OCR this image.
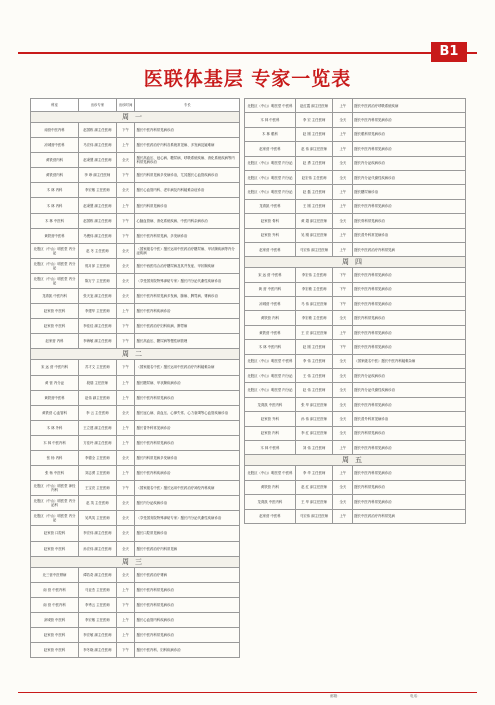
B1
医联体基层 专家一览表
科室	出诊专家	出诊时间	专长
周一			
南营中医内科	赵国栋 副主任医师	下午	擅长中医内科常见病诊治
凉城营中医科	马宏伟 副主任医师	上午	擅长中医药治疗内科各系统常见病、多发病及疑难病
黄铁营内科	赵秉慧 副主任医师	全天	擅长高血压、冠心病、糖尿病、呼吸系统疾病、消化系统疾病等内科常见病诊治
黄铁营内科	李 珍 副主任医师	下午	擅长内科常见病多发病诊治，尤其擅长心血管疾病诊治
木 林 内科	李宏敏 主任医师	全天	擅长心血管内科、老年病及内科疑难杂症诊治
木 林 内科	赵秉慧 副主任医师	上午	擅长内科常见病诊治
木 林 中医科	赵国栋 副主任医师	下午	心脑血管病、消化系统疾病、中医内科杂病诊治
黄铁营中医科	马俊伟 副主任医师	下午	擅长中医内科常见病、多发病诊治
北股区（中山）明医堂 内分泌	赵 冬 主任医师	全天	（国家级名中医）擅长运用中医药治疗糖尿病、甲状腺疾病等内分泌疾病
北股区（中山）明医堂 内分泌	郭月萍 主任医师	全天	擅长中西医结合治疗糖尿病及其并发症、甲状腺疾病
北股区（中山）明医堂 内分泌	陈万宁 主任医师	全天	（享受国务院特殊津贴专家）擅长内分泌代谢性疾病诊治
龙湾凯 中医内科	张天宠 副主任医师	全天	擅长中医内科常见病多发病，肺病、脾胃病、肾病诊治
赵家营 中医科	李建华 主任医师	上午	擅长中医内科疾病诊治
赵家营 中医科	李佳佳 副主任医师	下午	擅长中医药治疗妇科疾病、脾胃病
赵家营 内科	李海敏 副主任医师	下午	擅长高血压、糖尿病等慢性病管理
周二			
宋 远 营 中医内科	苏才文 主任医师	下午	（国家级名中医）擅长运用中医药治疗内科疑难杂病
黄 营 内分泌	段瑞 主任医师	上午	擅长糖尿病、甲状腺疾病诊治
黄铁营中医科	赵伟 副主任医师	上午	擅长中医内科常见病诊治
黄铁营 心血管科	李 云 主任医师	全天	擅长冠心病、高血压、心律失常、心力衰竭等心血管疾病诊治
木 林 外科	王立建 副主任医师	上午	擅长普外科常见病诊治
木 林 中医内科	方佳玲 副主任医师	上午	擅长中医内科常见病诊治
张 杨 内科	李德全 主任医师	全天	擅长内科常见病多发病诊治
张 杨 中医科	刘志勇 主任医师	上午	擅长中医内科疾病诊治
北股区（中山）明医堂 神经内科	王宝亮 主任医师	下午	（国家级名中医）擅长运用中医药治疗神经内科疾病
北股区（中山）明医堂 内分泌科	赵 英 主任医师	全天	擅长内分泌疾病诊治
北股区（中山）明医堂 内分泌	吴风英 主任医师	全天	（享受国务院特殊津贴专家）擅长内分泌代谢性疾病诊治
赵家营 口腔科	李宏伟 副主任医师	全天	擅长口腔常见病诊治
赵家营 中医科	孙宏伟 副主任医师	全天	擅长中医药治疗内科常见病
周三			
北三营中医肾病	谭若奇 副主任医师	全天	擅长中医药治疗肾病
南 营 中医内科	马亚杰 主任医师	上午	擅长中医内科常见病诊治
南 营 中医内科	李秀云 主任医师	下午	擅长中医内科常见病诊治
凉城营 中医科	李宏敏 主任医师	上午	擅长心血管内科疾病诊治
赵家营 中医科	李宏敏 副主任医师	上午	擅长中医内科常见病诊治
赵家营 中医科	李冬晓 副主任医师	下午	擅长中医内科、妇科疾病诊治
北股区（中山）明医堂 中医科	赵红霞 副主任医师	上午	擅长中医药治疗呼吸系统疾病
木 林 中医科	李 宏 主任医师	全天	擅长中医内科常见病诊治
木 林 眼科	赵 刚 主任医师	上午	擅长眼科常见病诊治
赵家营 中医科	赵 伟 副主任医师	上午	擅长中医内科常见病诊治
北股区（中山）明医堂 内分泌	赵 勇 主任医师	全天	擅长内分泌疾病诊治
北股区（中山）明医堂 内分泌	赵宏伟 主任医师	全天	擅长内分泌代谢性疾病诊治
北股区（中山）明医堂 内分泌	赵 磊 主任医师	上午	擅长糖尿病诊治
龙湾凯 中医科	王 刚 主任医师	上午	擅长中医内科常见病诊治
赵家营 骨科	黄 超 副主任医师	全天	擅长骨科常见病诊治
赵家营 外科	吴 刚 副主任医师	上午	擅长普外科常见病诊治
赵家营 中医科	马宏伟 副主任医师	上午	擅长中医药治疗内科常见病
周四			
宋 远 营 中医科	李宏伟 主任医师	下午	擅长中医内科常见病诊治
黄 营 中医内科	李宏敏 主任医师	下午	擅长中医内科常见病诊治
凉城营 中医科	马 伟 副主任医师	下午	擅长中医内科常见病诊治
黄铁营 内科	李宏敏 主任医师	全天	擅长内科常见病诊治
黄铁营 中医科	王 宏 副主任医师	上午	擅长中医内科常见病诊治
木 林 中医内科	赵 刚 主任医师	下午	擅长中医内科常见病诊治
北股区（中山）明医堂 中医科	李 伟 主任医师	全天	（国家级名中医）擅长中医内科疑难杂病
北股区（中山）明医堂 内分泌	王 伟 主任医师	全天	擅长内分泌疾病诊治
北股区（中山）明医堂 内分泌	赵 伟 主任医师	全天	擅长内分泌代谢性疾病诊治
龙湾凯 中医内科	张 华 副主任医师	全天	擅长中医内科常见病诊治
赵家营 外科	孙 伟 副主任医师	全天	擅长普外科常见病诊治
赵家营 内科	李 红 副主任医师	全天	擅长内科常见病诊治
木 林 中医科	刘 伟 主任医师	上午	擅长中医内科常见病诊治
周五			
北股区（中山）明医堂 中医科	李 华 主任医师	上午	擅长中医内科常见病诊治
黄铁营 内科	赵 红 副主任医师	全天	擅长内科常见病诊治
龙湾凯 中医内科	王 华 副主任医师	全天	擅长中医内科常见病诊治
赵家营 中医科	马宏伟 副主任医师	上午	擅长中医药治疗内科常见病
邮箱：	电话：
